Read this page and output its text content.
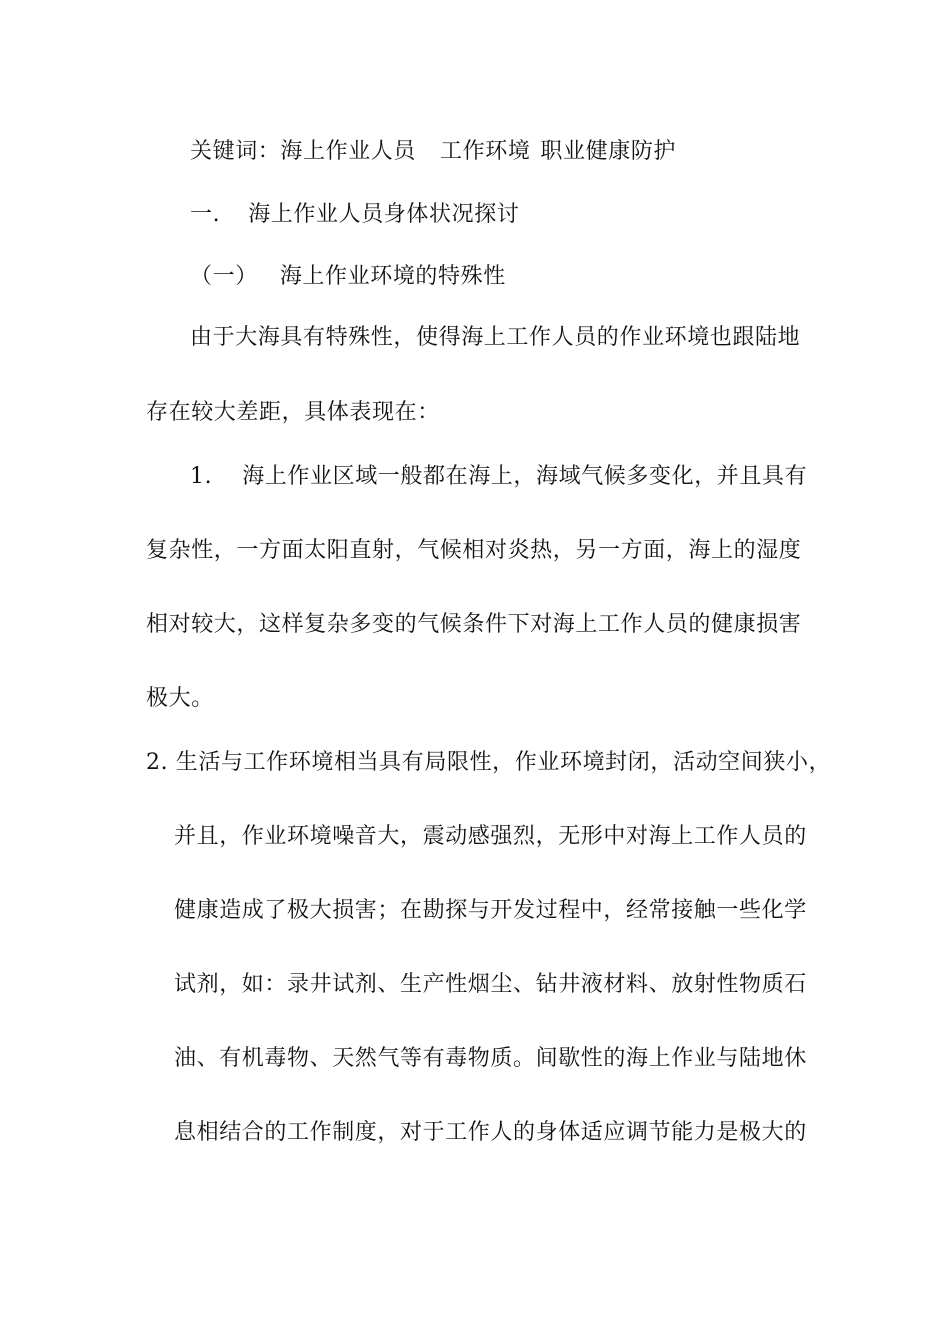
关键词：海上作业人员 工作环境 职业健康防护
一. 海上作业人员身体状况探讨
（一） 海上作业环境的特殊性
由于大海具有特殊性，使得海上工作人员的作业环境也跟陆地
存在较大差距，具体表现在：
1. 海上作业区域一般都在海上，海域气候多变化，并且具有
复杂性，一方面太阳直射，气候相对炎热，另一方面，海上的湿度
相对较大，这样复杂多变的气候条件下对海上工作人员的健康损害
极大。
2. 生活与工作环境相当具有局限性，作业环境封闭，活动空间狭小，
并且，作业环境噪音大，震动感强烈，无形中对海上工作人员的
健康造成了极大损害；在勘探与开发过程中，经常接触一些化学
试剂，如：录井试剂、生产性烟尘、钻井液材料、放射性物质石
油、有机毒物、天然气等有毒物质。间歇性的海上作业与陆地休
息相结合的工作制度，对于工作人的身体适应调节能力是极大的
